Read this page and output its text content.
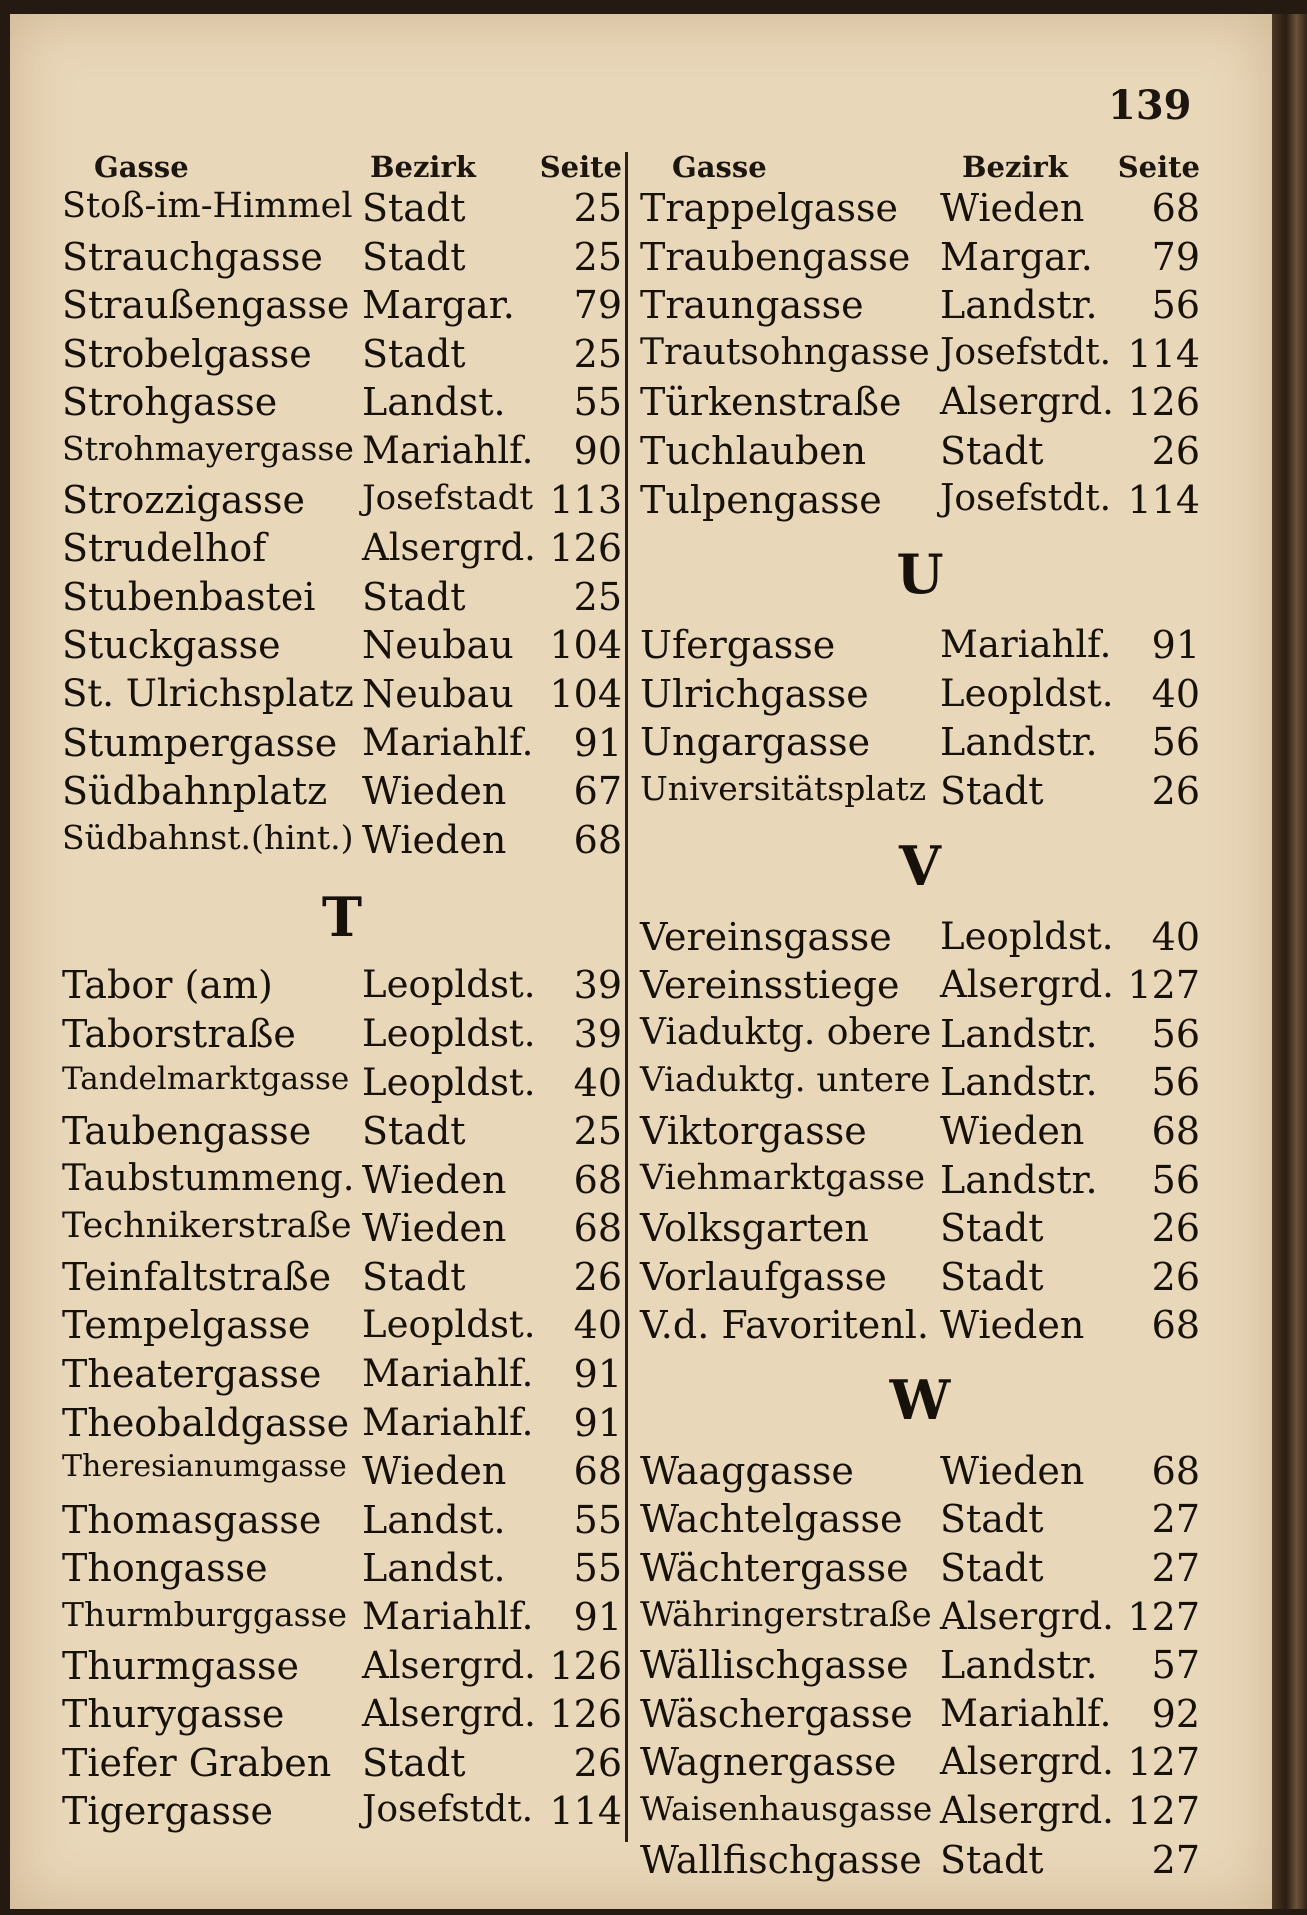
139
Gasse	Bezirk Seite
Stoß-im-Himmel Stadt	25
Strauchgasse Stadt	25
Straußengasse Margar. 79
Strobelgasse Stadt	25
Strohgasse Landst. 55
Strohmayergasse Mariahlf. 90
Strozzigasse Josefstadt 113
Strudelhof	Alsergrd. 126
Stubenbastei Stadt	25
Stuckgasse Neubau 104
St. Ulrichsplatz Neubau 104
Stumpergasse Mariahlf. 91
Südbahnplatz Wieden 67
Südbahnst.(hint.) Wieden 68
T
Tabor (am) Leopldst. 39
Taborstraße Leopldst. 39
Tandelmarktgasse Leopldst. 40
Taubengasse Stadt	25
Taubstummeng. Wieden 68
Technikerstraße Wieden 68
Teinfaltstraße Stadt	26
Tempelgasse Leopldst. 40
Theatergasse Mariahlf. 91
Theobaldgasse Mariahlf. 91
Theresianumgasse Wieden 68
Thomasgasse Landst. 55
Thongasse Landst. 55
Thurmburggasse Mariahlf. 91
Thurmgasse Alsergrd. 126
Thurygasse Alsergrd. 126
Tiefer Graben Stadt	26
Tigergasse Josefstdt. 114
Gasse	Bezirk Seite
Trappelgasse Wieden 68
Traubengasse Margar. 79
Traungasse Landstr. 56
Trautsohngasse Josefstdt. 114
Türkenstraße Alsergrd. 126
Tuchlauben Stadt	26
Tulpengasse Josefstdt. 114
U
Ufergasse	Mariahlf. 91
Ulrichgasse Leopldst. 40
Ungargasse Landstr. 56
Universitätsplatz Stadt	26
V
Vereinsgasse Leopldst. 40
Vereinsstiege Alsergrd. 127
Viaduktg. obere Landstr. 56
Viaduktg. untere Landstr. 56
Viktorgasse Wieden 68
Viehmarktgasse Landstr. 56
Volksgarten Stadt	26
Vorlaufgasse Stadt	26
V.d. Favoritenl. Wieden 68
W
Waaggasse Wieden 68
Wachtelgasse Stadt	27
Wächtergasse Stadt	27
Währingerstraße Alsergrd. 127
Wällischgasse Landstr. 57
Wäschergasse Mariahlf. 92
Wagnergasse Alsergrd. 127
Waisenhausgasse Alsergrd. 127
Wallfischgasse Stadt	27
